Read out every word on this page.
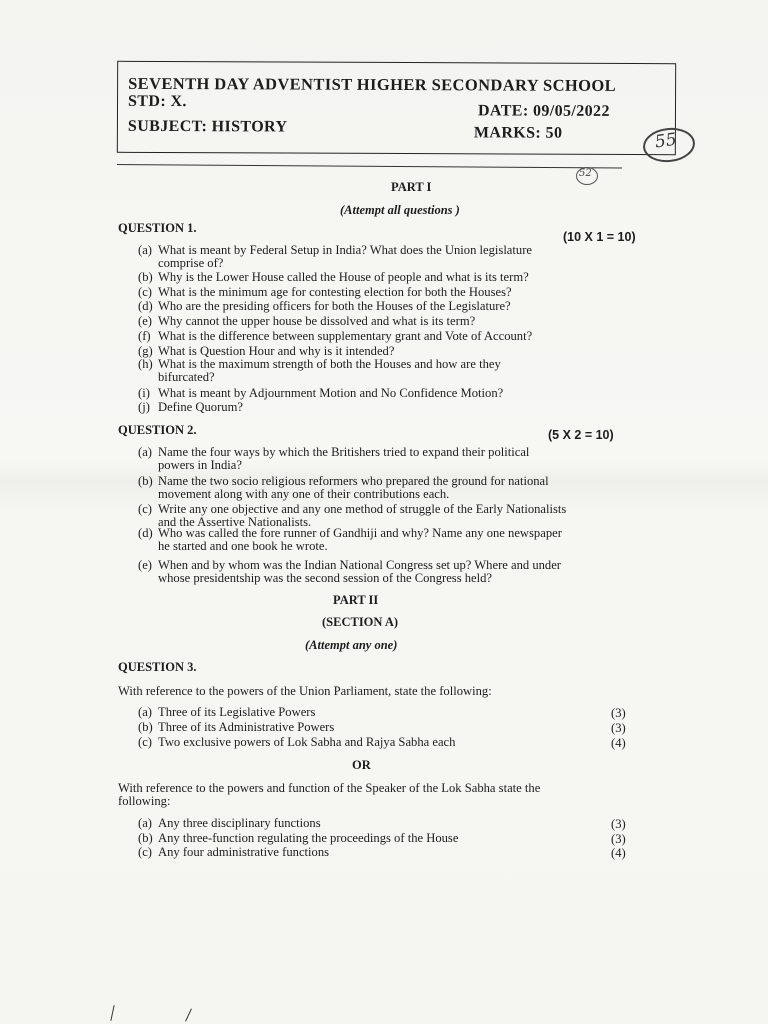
SEVENTH DAY ADVENTIST HIGHER SECONDARY SCHOOL
STD: X.
DATE: 09/05/2022
SUBJECT: HISTORY	MARKS: 50	55
52
PART I
(Attempt all questions )
QUESTION 1.
(10 X 1 = 10)
(a) What is meant by Federal Setup in India? What does the Union legislature
comprise of?
(b) Why is the Lower House called the House of people and what is its term?
(c) What is the minimum age for contesting election for both the Houses?
(d) Who are the presiding officers for both the Houses of the Legislature?
(e) Why cannot the upper house be dissolved and what is its term?
(f) What is the difference between supplementary grant and Vote of Account?
(g) What is Question Hour and why is it intended?
(h) What is the maximum strength of both the Houses and how are they
bifurcated?
(i) What is meant by Adjournment Motion and No Confidence Motion?
(j) Define Quorum?
QUESTION 2.	(5 X 2 = 10)
(a) Name the four ways by which the Britishers tried to expand their political
powers in India?
(b) Name the two socio religious reformers who prepared the ground for national
movement along with any one of their contributions each.
(c) Write any one objective and any one method of struggle of the Early Nationalists
and the Assertive Nationalists.
(d) Who was called the fore runner of Gandhiji and why? Name any one newspaper
he started and one book he wrote.
(e) When and by whom was the Indian National Congress set up? Where and under
whose presidentship was the second session of the Congress held?
PART II
(SECTION A)
(Attempt any one)
QUESTION 3.
With reference to the powers of the Union Parliament, state the following:
(a) Three of its Legislative Powers	(3)
(b) Three of its Administrative Powers	(3)
(c) Two exclusive powers of Lok Sabha and Rajya Sabha each	(4)
OR
With reference to the powers and function of the Speaker of the Lok Sabha state the
following:
(a) Any three disciplinary functions	(3)
(b) Any three-function regulating the proceedings of the House	(3)
(c) Any four administrative functions	(4)
